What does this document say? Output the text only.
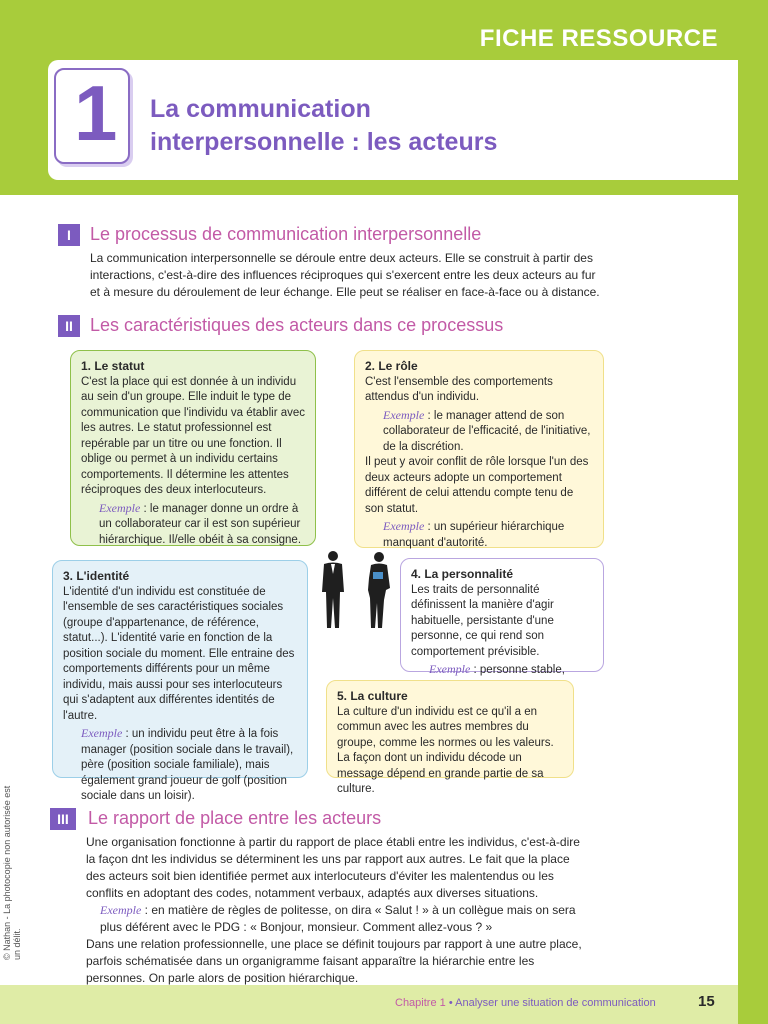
FICHE RESSOURCE
1 La communication
interpersonnelle : les acteurs
I	Le processus de communication interpersonnelle

La communication interpersonnelle se déroule entre deux acteurs. Elle se construit à partir des interactions, c'est-à-dire des influences réciproques qui s'exercent entre les deux acteurs au fur et à mesure du déroulement de leur échange. Elle peut se réaliser en face-à-face ou à distance.

II Les caractéristiques des acteurs dans ce processus
1. Le statut

C'est la place qui est donnée à un individu au sein d'un groupe. Elle induit le type de communication que l'individu va établir avec les autres. Le statut professionnel est repérable par un titre ou une fonction. Il oblige ou permet à un individu certains comportements. Il détermine les attentes réciproques des deux interlocuteurs.

Exemple : le manager donne un ordre à un collaborateur car il est son supérieur hiérarchique. Il/elle obéit à sa consigne.
2. Le rôle

C'est l'ensemble des comportements attendus d'un individu.

Exemple : le manager attend de son collaborateur de l'efficacité, de l'initiative, de la discrétion.

Il peut y avoir conflit de rôle lorsque l'un des deux acteurs adopte un comportement différent de celui attendu compte tenu de son statut.

Exemple : un supérieur hiérarchique manquant d'autorité.
3. L'identité

L'identité d'un individu est constituée de l'ensemble de ses caractéristiques sociales (groupe d'appartenance, de référence, statut...). L'identité varie en fonction de la position sociale du moment. Elle entraine des comportements différents pour un même individu, mais aussi pour ses interlocuteurs qui s'adaptent aux différentes identités de l'autre.

Exemple : un individu peut être à la fois manager (position sociale dans le travail), père (position sociale familiale), mais également grand joueur de golf (position sociale dans un loisir).
4. La personnalité

Les traits de personnalité définissent la manière d'agir habituelle, persistante d'une personne, ce qui rend son comportement prévisible.

Exemple : personne stable,
5. La culture

La culture d'un individu est ce qu'il a en commun avec les autres membres du groupe, comme les normes ou les valeurs. La façon dont un individu décode un message dépend en grande partie de sa culture.

III	Le rapport de place entre les acteurs

Une organisation fonctionne à partir du rapport de place établi entre les individus, c'est-à-dire la façon dnt les individus se déterminent les uns par rapport aux autres. Le fait que la place des acteurs soit bien identifiée permet aux interlocuteurs d'éviter les malentendus ou les conflits en adoptant des codes, notamment verbaux, adaptés aux diverses situations.

Exemple : en matière de règles de politesse, on dira « Salut ! » à un collègue mais on sera plus déférent avec le PDG : « Bonjour, monsieur. Comment allez-vous ? »

Dans une relation professionnelle, une place se définit toujours par rapport à une autre place, parfois schématisée dans un organigramme faisant apparaître la hiérarchie entre les personnes. On parle alors de position hiérarchique.

© Nathan - La photocopie non autorisée est un délit.
Chapitre 1 • Analyser une situation de communication	15
